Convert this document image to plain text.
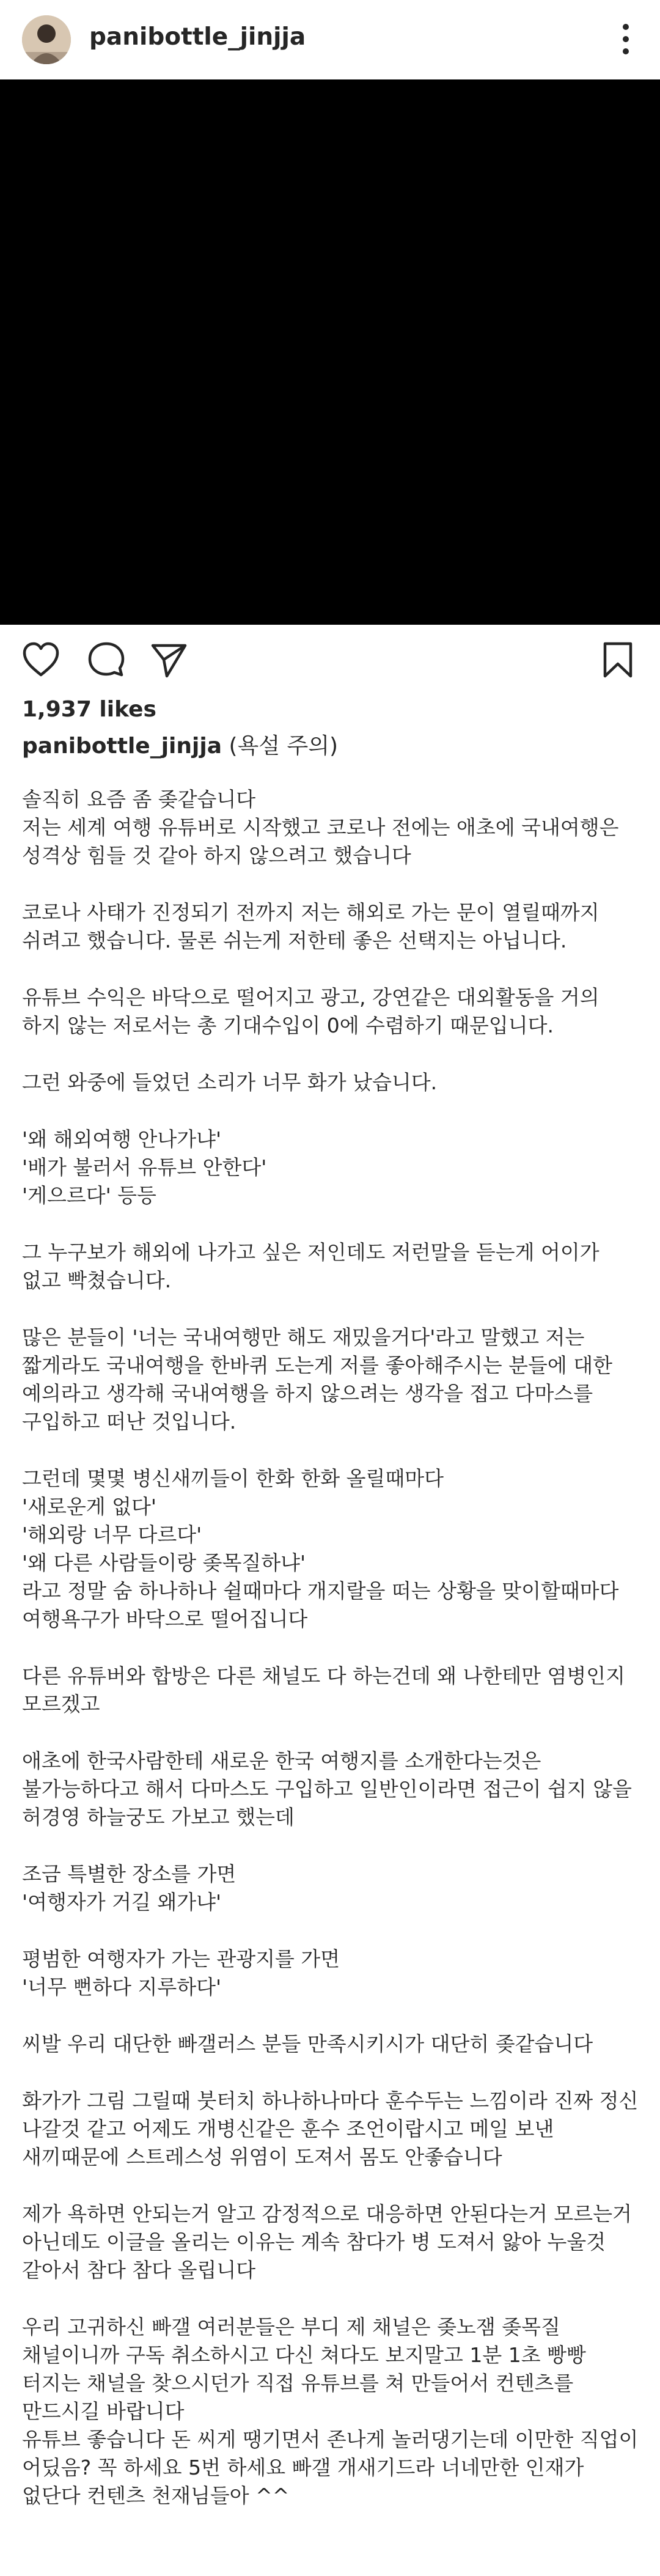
panibottle_jinjja
1,937 likes
panibottle_jinjja (욕설 주의)

솔직히 요즘 좀 좆같습니다

저는 세계 여행 유튜버로 시작했고 코로나 전에는 애초에 국내여행은 성격상 힘들 것 같아 하지 않으려고 했습니다

코로나 사태가 진정되기 전까지 저는 해외로 가는 문이 열릴때까지 쉬려고 했습니다. 물론 쉬는게 저한테 좋은 선택지는 아닙니다.

유튜브 수익은 바닥으로 떨어지고 광고, 강연같은 대외활동을 거의 하지 않는 저로서는 총 기대수입이 0에 수렴하기 때문입니다.

그런 와중에 들었던 소리가 너무 화가 났습니다.

'왜 해외여행 안나가냐'

'배가 불러서 유튜브 안한다'

'게으르다' 등등

그 누구보가 해외에 나가고 싶은 저인데도 저런말을 듣는게 어이가 없고 빡쳤습니다.

많은 분들이 '너는 국내여행만 해도 재밌을거다'라고 말했고 저는 짧게라도 국내여행을 한바퀴 도는게 저를 좋아해주시는 분들에 대한 예의라고 생각해 국내여행을 하지 않으려는 생각을 접고 다마스를 구입하고 떠난 것입니다.

그런데 몇몇 병신새끼들이 한화 한화 올릴때마다

'새로운게 없다'

'해외랑 너무 다르다'

'왜 다른 사람들이랑 좆목질하냐'

라고 정말 숨 하나하나 쉴때마다 개지랄을 떠는 상황을 맞이할때마다 여행욕구가 바닥으로 떨어집니다

다른 유튜버와 합방은 다른 채널도 다 하는건데 왜 나한테만 염병인지 모르겠고

애초에 한국사람한테 새로운 한국 여행지를 소개한다는것은 불가능하다고 해서 다마스도 구입하고 일반인이라면 접근이 쉽지 않을 허경영 하늘궁도 가보고 했는데

조금 특별한 장소를 가면

'여행자가 거길 왜가냐'

평범한 여행자가 가는 관광지를 가면

'너무 뻔하다 지루하다'

씨발 우리 대단한 빠갤러스 분들 만족시키시가 대단히 좆같습니다

화가가 그림 그릴때 붓터치 하나하나마다 훈수두는 느낌이라 진짜 정신 나갈것 같고 어제도 개병신같은 훈수 조언이랍시고 메일 보낸 새끼때문에 스트레스성 위염이 도져서 몸도 안좋습니다

제가 욕하면 안되는거 알고 감정적으로 대응하면 안된다는거 모르는거 아닌데도 이글을 올리는 이유는 계속 참다가 병 도져서 앓아 누울것 같아서 참다 참다 올립니다

우리 고귀하신 빠갤 여러분들은 부디 제 채널은 좆노잼 좆목질 채널이니까 구독 취소하시고 다신 쳐다도 보지말고 1분 1초 빵빵 터지는 채널을 찾으시던가 직접 유튜브를 쳐 만들어서 컨텐츠를 만드시길 바랍니다

유튜브 좋습니다 돈 씨게 땡기면서 존나게 놀러댕기는데 이만한 직업이 어딨음? 꼭 하세요 5번 하세요 빠갤 개새기드라 너네만한 인재가 없단다 컨텐츠 천재님들아 ^^
